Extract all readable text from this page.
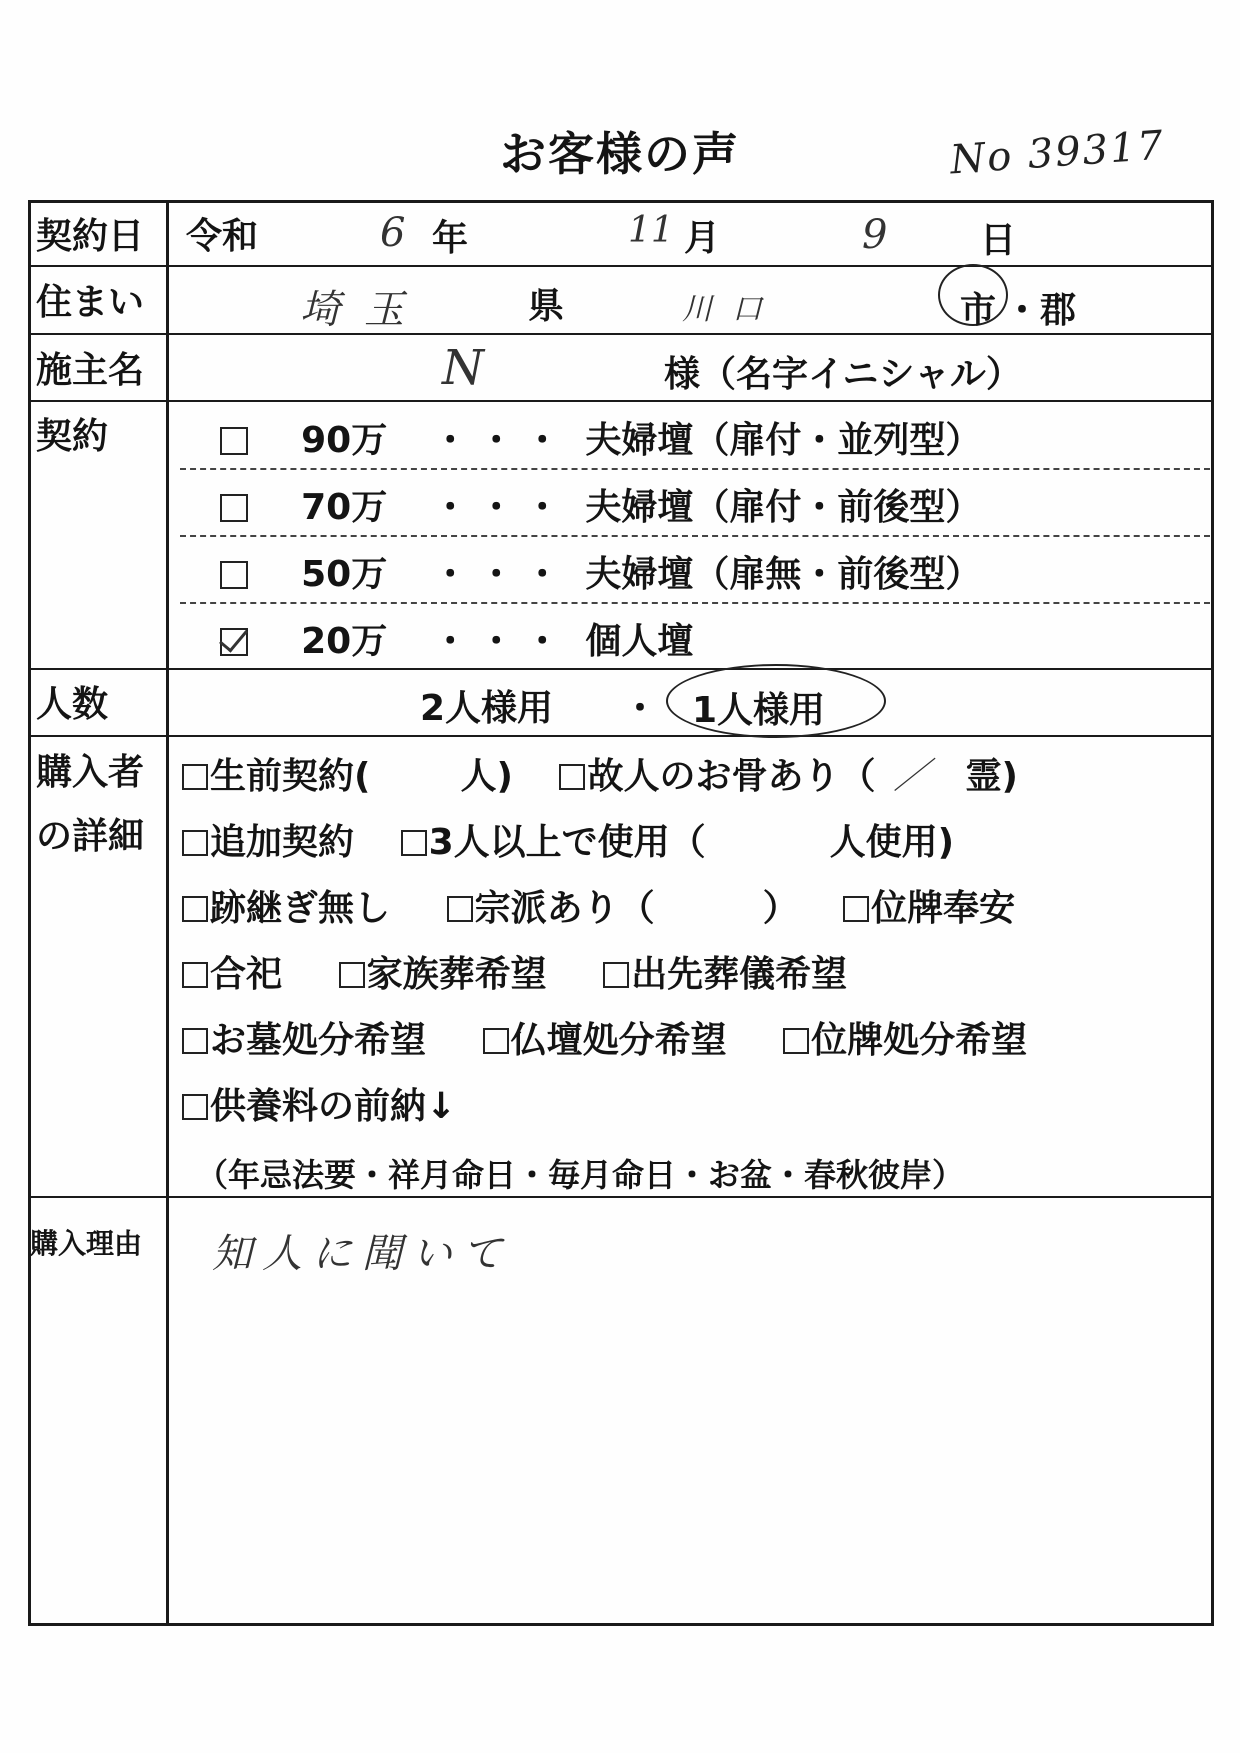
お客様の声	No 39317
契約日 令和	6 年	11 月	9	日
住まい	埼玉	県	川口	市 ・ 郡
施主名	N	様（名字イニシャル）
契約	90万 ・・・ 夫婦壇（扉付・並列型）
70万 ・・・ 夫婦壇（扉付・前後型）
50万 ・・・ 夫婦壇（扉無・前後型）
20万 ・・・ 個人壇
人数	2人様用 ・ 1人様用
購入者
の詳細
生前契約(	人) 故人のお骨あり（ ／ 霊)
追加契約 3人以上で使用（	人使用)
跡継ぎ無し 宗派あり（	） 位牌奉安
合祀 家族葬希望 出先葬儀希望
お墓処分希望 仏壇処分希望 位牌処分希望
供養料の前納↓
（年忌法要・祥月命日・毎月命日・お盆・春秋彼岸）
購入理由 知人に聞いて
